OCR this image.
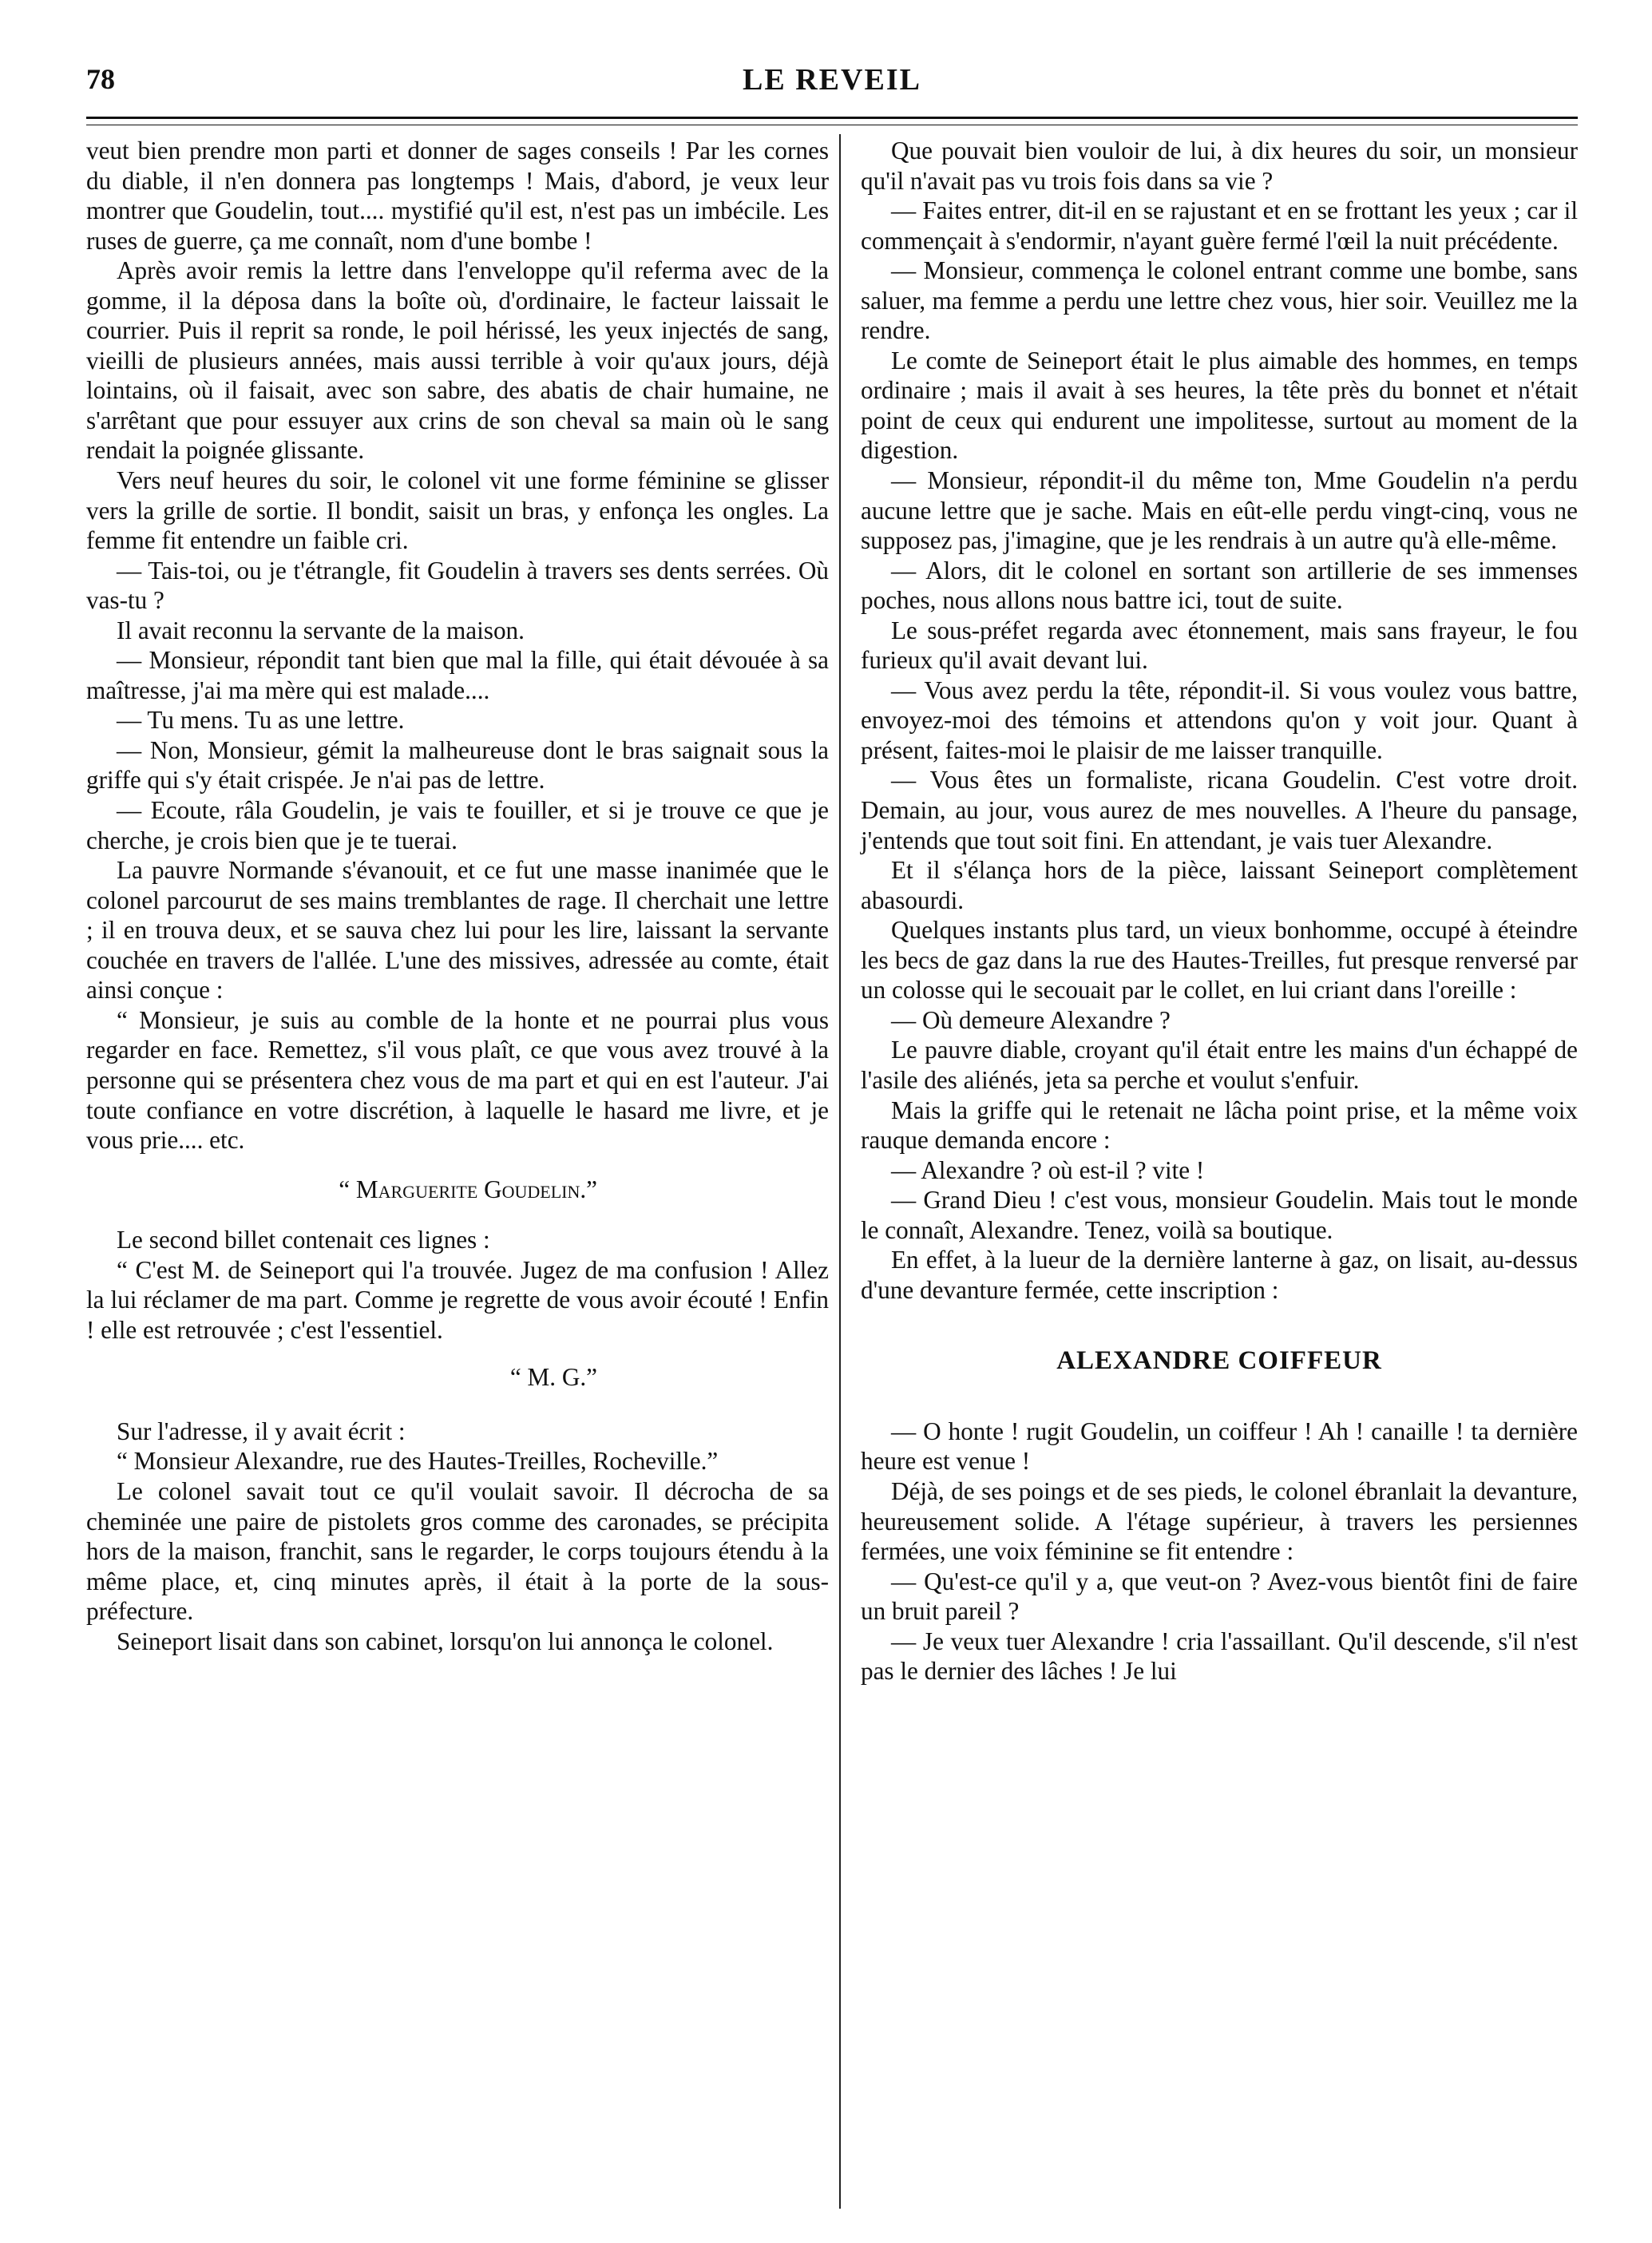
78	LE REVEIL

veut bien prendre mon parti et donner de sages conseils ! Par les cornes du diable, il n'en donnera pas longtemps ! Mais, d'abord, je veux leur montrer que Goudelin, tout.... mystifié qu'il est, n'est pas un imbécile. Les ruses de guerre, ça me connaît, nom d'une bombe !

Après avoir remis la lettre dans l'enveloppe qu'il referma avec de la gomme, il la déposa dans la boîte où, d'ordinaire, le facteur laissait le courrier. Puis il reprit sa ronde, le poil hérissé, les yeux injectés de sang, vieilli de plusieurs années, mais aussi terrible à voir qu'aux jours, déjà lointains, où il faisait, avec son sabre, des abatis de chair humaine, ne s'arrêtant que pour essuyer aux crins de son cheval sa main où le sang rendait la poignée glissante.

Vers neuf heures du soir, le colonel vit une forme féminine se glisser vers la grille de sortie. Il bondit, saisit un bras, y enfonça les ongles. La femme fit entendre un faible cri.

— Tais-toi, ou je t'étrangle, fit Goudelin à travers ses dents serrées. Où vas-tu ?

Il avait reconnu la servante de la maison.

— Monsieur, répondit tant bien que mal la fille, qui était dévouée à sa maîtresse, j'ai ma mère qui est malade....

— Tu mens. Tu as une lettre.

— Non, Monsieur, gémit la malheureuse dont le bras saignait sous la griffe qui s'y était crispée. Je n'ai pas de lettre.

— Ecoute, râla Goudelin, je vais te fouiller, et si je trouve ce que je cherche, je crois bien que je te tuerai.

La pauvre Normande s'évanouit, et ce fut une masse inanimée que le colonel parcourut de ses mains tremblantes de rage. Il cherchait une lettre ; il en trouva deux, et se sauva chez lui pour les lire, laissant la servante couchée en travers de l'allée. L'une des missives, adressée au comte, était ainsi conçue :

“ Monsieur, je suis au comble de la honte et ne pourrai plus vous regarder en face. Remettez, s'il vous plaît, ce que vous avez trouvé à la personne qui se présentera chez vous de ma part et qui en est l'auteur. J'ai toute confiance en votre discrétion, à laquelle le hasard me livre, et je vous prie.... etc.

“ Marguerite Goudelin.”

Le second billet contenait ces lignes :

“ C'est M. de Seineport qui l'a trouvée. Jugez de ma confusion ! Allez la lui réclamer de ma part. Comme je regrette de vous avoir écouté ! Enfin ! elle est retrouvée ; c'est l'essentiel.

“ M. G.”

Sur l'adresse, il y avait écrit :

“ Monsieur Alexandre, rue des Hautes-Treilles, Rocheville.”

Le colonel savait tout ce qu'il voulait savoir. Il décrocha de sa cheminée une paire de pistolets gros comme des caronades, se précipita hors de la maison, franchit, sans le regarder, le corps toujours étendu à la même place, et, cinq minutes après, il était à la porte de la sous-préfecture.

Seineport lisait dans son cabinet, lorsqu'on lui annonça le colonel.

Que pouvait bien vouloir de lui, à dix heures du soir, un monsieur qu'il n'avait pas vu trois fois dans sa vie ?

— Faites entrer, dit-il en se rajustant et en se frottant les yeux ; car il commençait à s'endormir, n'ayant guère fermé l'œil la nuit précédente.

— Monsieur, commença le colonel entrant comme une bombe, sans saluer, ma femme a perdu une lettre chez vous, hier soir. Veuillez me la rendre.

Le comte de Seineport était le plus aimable des hommes, en temps ordinaire ; mais il avait à ses heures, la tête près du bonnet et n'était point de ceux qui endurent une impolitesse, surtout au moment de la digestion.

— Monsieur, répondit-il du même ton, Mme Goudelin n'a perdu aucune lettre que je sache. Mais en eût-elle perdu vingt-cinq, vous ne supposez pas, j'imagine, que je les rendrais à un autre qu'à elle-même.

— Alors, dit le colonel en sortant son artillerie de ses immenses poches, nous allons nous battre ici, tout de suite.

Le sous-préfet regarda avec étonnement, mais sans frayeur, le fou furieux qu'il avait devant lui.

— Vous avez perdu la tête, répondit-il. Si vous voulez vous battre, envoyez-moi des témoins et attendons qu'on y voit jour. Quant à présent, faites-moi le plaisir de me laisser tranquille.

— Vous êtes un formaliste, ricana Goudelin. C'est votre droit. Demain, au jour, vous aurez de mes nouvelles. A l'heure du pansage, j'entends que tout soit fini. En attendant, je vais tuer Alexandre.

Et il s'élança hors de la pièce, laissant Seineport complètement abasourdi.

Quelques instants plus tard, un vieux bonhomme, occupé à éteindre les becs de gaz dans la rue des Hautes-Treilles, fut presque renversé par un colosse qui le secouait par le collet, en lui criant dans l'oreille :

— Où demeure Alexandre ?

Le pauvre diable, croyant qu'il était entre les mains d'un échappé de l'asile des aliénés, jeta sa perche et voulut s'enfuir.

Mais la griffe qui le retenait ne lâcha point prise, et la même voix rauque demanda encore :

— Alexandre ? où est-il ? vite !

— Grand Dieu ! c'est vous, monsieur Goudelin. Mais tout le monde le connaît, Alexandre. Tenez, voilà sa boutique.

En effet, à la lueur de la dernière lanterne à gaz, on lisait, au-dessus d'une devanture fermée, cette inscription :

ALEXANDRE COIFFEUR

— O honte ! rugit Goudelin, un coiffeur ! Ah ! canaille ! ta dernière heure est venue !

Déjà, de ses poings et de ses pieds, le colonel ébranlait la devanture, heureusement solide. A l'étage supérieur, à travers les persiennes fermées, une voix féminine se fit entendre :

— Qu'est-ce qu'il y a, que veut-on ? Avez-vous bientôt fini de faire un bruit pareil ?

— Je veux tuer Alexandre ! cria l'assaillant. Qu'il descende, s'il n'est pas le dernier des lâches ! Je lui
